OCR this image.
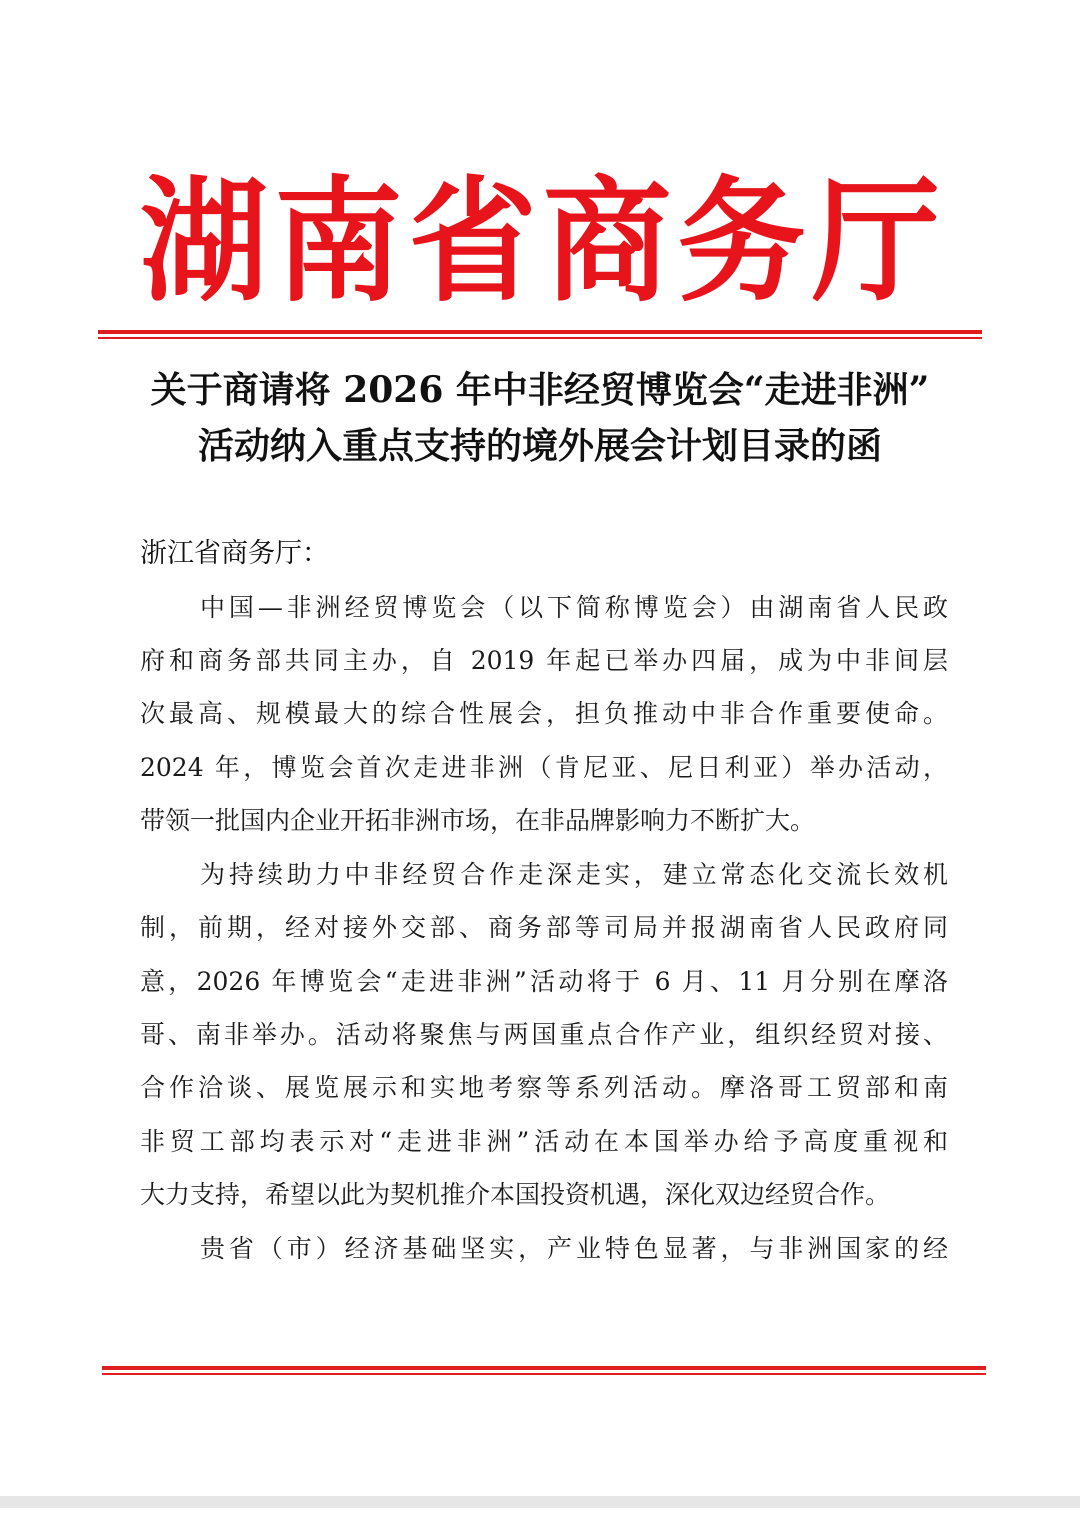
湖 南 省 商 务 厅
关于商请将 2026 年中非经贸博览会“走进非洲”
活动纳入重点支持的境外展会计划目录的函
浙江省商务厅：
中国—非洲经贸博览会（以下简称博览会）由湖南省人民政
府和商务部共同主办，自 2019 年起已举办四届，成为中非间层
次最高、规模最大的综合性展会，担负推动中非合作重要使命。
2024 年，博览会首次走进非洲（肯尼亚、尼日利亚）举办活动，
带领一批国内企业开拓非洲市场，在非品牌影响力不断扩大。
为持续助力中非经贸合作走深走实，建立常态化交流长效机
制，前期，经对接外交部、商务部等司局并报湖南省人民政府同
意，2026 年博览会“走进非洲”活动将于 6 月、11 月分别在摩洛
哥、南非举办。活动将聚焦与两国重点合作产业，组织经贸对接、
合作洽谈、展览展示和实地考察等系列活动。摩洛哥工贸部和南
非贸工部均表示对“走进非洲”活动在本国举办给予高度重视和
大力支持，希望以此为契机推介本国投资机遇，深化双边经贸合作。
贵省（市）经济基础坚实，产业特色显著，与非洲国家的经
